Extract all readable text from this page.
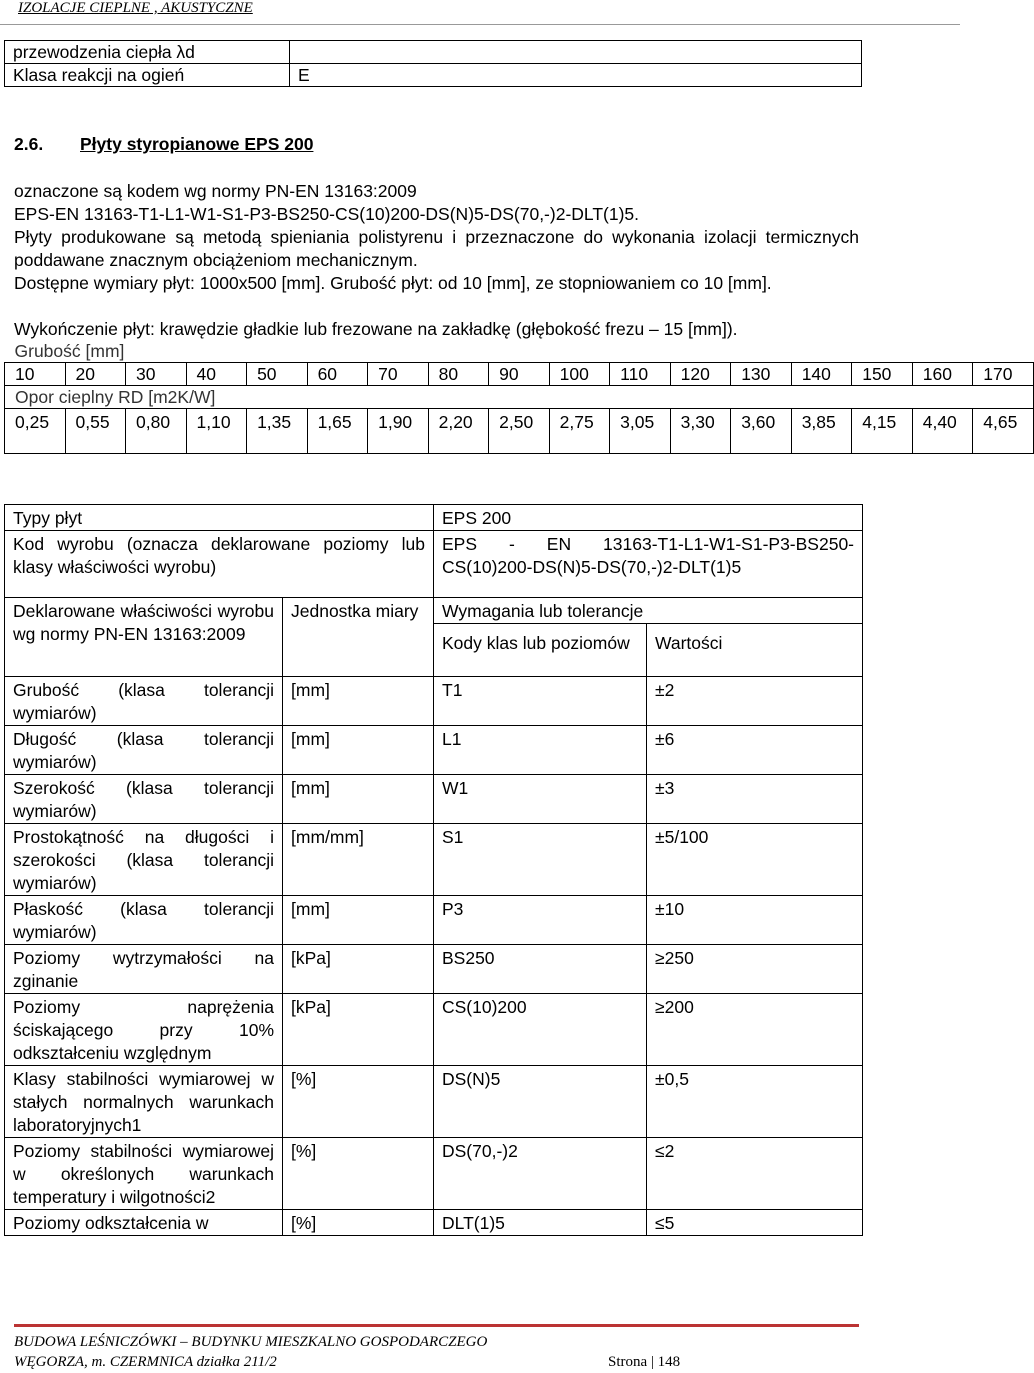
IZOLACJE CIEPLNE , AKUSTYCZNE
przewodzenia ciepła λd	
Klasa reakcji na ogień	E
2.6. Płyty styropianowe EPS 200
oznaczone są kodem wg normy PN-EN 13163:2009
EPS-EN 13163-T1-L1-W1-S1-P3-BS250-CS(10)200-DS(N)5-DS(70,-)2-DLT(1)5.
Płyty produkowane są metodą spieniania polistyrenu i przeznaczone do wykonania izolacji termicznych poddawane znacznym obciążeniom mechanicznym.
Dostępne wymiary płyt: 1000x500 [mm]. Grubość płyt: od 10 [mm], ze stopniowaniem co 10 [mm].
Wykończenie płyt: krawędzie gładkie lub frezowane na zakładkę (głębokość frezu – 15 [mm]).
Grubość [mm]																
10	20	30	40	50	60	70	80	90	100	110	120	130	140	150	160	170
Opor cieplny RD [m2K/W]																
0,25	0,55	0,80	1,10	1,35	1,65	1,90	2,20	2,50	2,75	3,05	3,30	3,60	3,85	4,15	4,40	4,65
Typy płyt		EPS 200	
Kod wyrobu (oznacza deklarowane poziomy lub klasy właściwości wyrobu)		EPS - EN 13163-T1-L1-W1-S1-P3-BS250-CS(10)200-DS(N)5-DS(70,-)2-DLT(1)5	
Deklarowane właściwości wyrobu wg normy PN-EN 13163:2009	Jednostka miary	Wymagania lub tolerancje	
		Kody klas lub poziomów	Wartości
Grubość (klasa tolerancji wymiarów)	[mm]	T1	±2
Długość (klasa tolerancji wymiarów)	[mm]	L1	±6
Szerokość (klasa tolerancji wymiarów)	[mm]	W1	±3
Prostokątność na długości i szerokości (klasa tolerancji wymiarów)	[mm/mm]	S1	±5/100
Płaskość (klasa tolerancji wymiarów)	[mm]	P3	±10
Poziomy wytrzymałości na zginanie	[kPa]	BS250	≥250
Poziomy naprężenia ściskającego przy 10% odkształceniu względnym	[kPa]	CS(10)200	≥200
Klasy stabilności wymiarowej w stałych normalnych warunkach laboratoryjnych1	[%]	DS(N)5	±0,5
Poziomy stabilności wymiarowej w określonych warunkach temperatury i wilgotności2	[%]	DS(70,-)2	≤2
Poziomy odkształcenia w	[%]	DLT(1)5	≤5
BUDOWA LEŚNICZÓWKI – BUDYNKU MIESZKALNO GOSPODARCZEGO
WĘGORZA, m. CZERMNICA działka 211/2	Strona | 148
